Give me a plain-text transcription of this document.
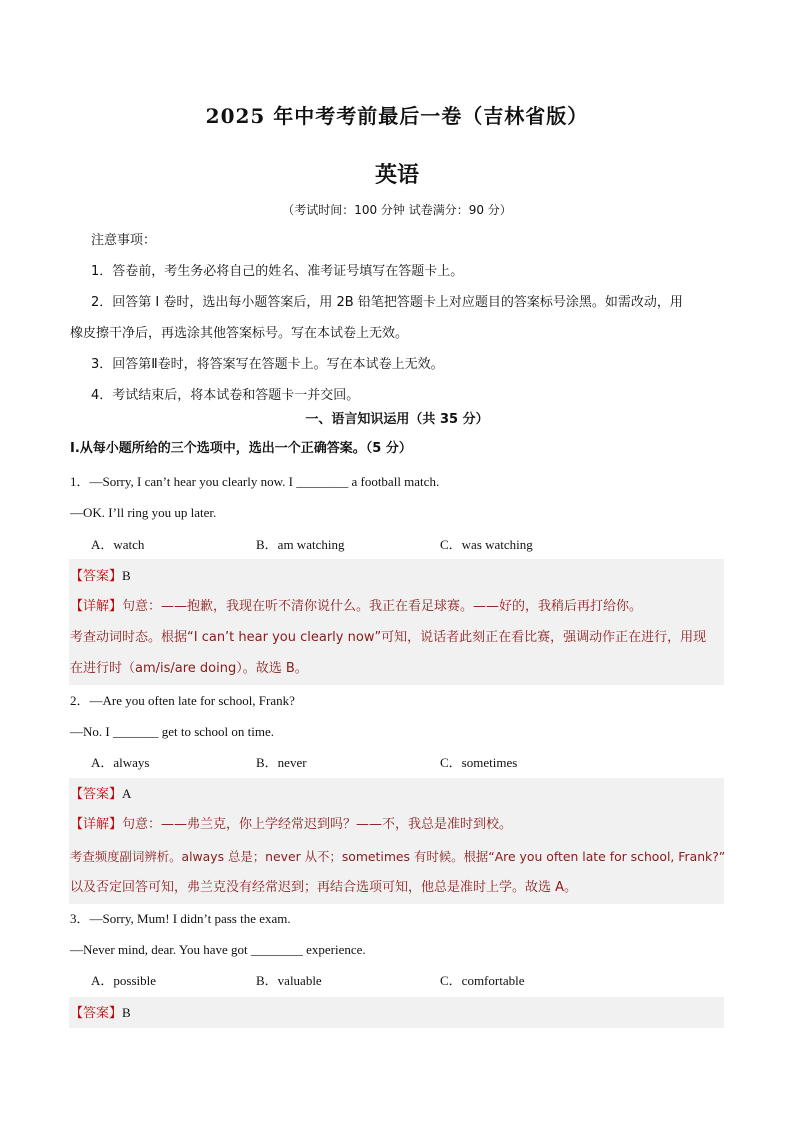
2025 年中考考前最后一卷（吉林省版）
英语
（考试时间：100 分钟 试卷满分：90 分）
注意事项：
1．答卷前，考生务必将自己的姓名、准考证号填写在答题卡上。
2．回答第 I 卷时，选出每小题答案后，用 2B 铅笔把答题卡上对应题目的答案标号涂黑。如需改动，用
橡皮擦干净后，再选涂其他答案标号。写在本试卷上无效。
3．回答第Ⅱ卷时，将答案写在答题卡上。写在本试卷上无效。
4．考试结束后，将本试卷和答题卡一并交回。
一、语言知识运用（共 35 分）
Ⅰ.从每小题所给的三个选项中，选出一个正确答案。（5 分）
1．—Sorry, I can’t hear you clearly now. I ________ a football match.
—OK. I’ll ring you up later.
A．watch	B．am watching	C．was watching
【答案】B
【详解】句意：——抱歉，我现在听不清你说什么。我正在看足球赛。——好的，我稍后再打给你。
考查动词时态。根据“I can’t hear you clearly now”可知，说话者此刻正在看比赛，强调动作正在进行，用现
在进行时（am/is/are doing）。故选 B。
2．—Are you often late for school, Frank?
—No. I _______ get to school on time.
A．always	B．never	C．sometimes
【答案】A
【详解】句意：——弗兰克，你上学经常迟到吗？——不，我总是准时到校。
考查频度副词辨析。always 总是；never 从不；sometimes 有时候。根据“Are you often late for school, Frank?”
以及否定回答可知，弗兰克没有经常迟到；再结合选项可知，他总是准时上学。故选 A。
3．—Sorry, Mum! I didn’t pass the exam.
—Never mind, dear. You have got ________ experience.
A．possible	B．valuable	C．comfortable
【答案】B
